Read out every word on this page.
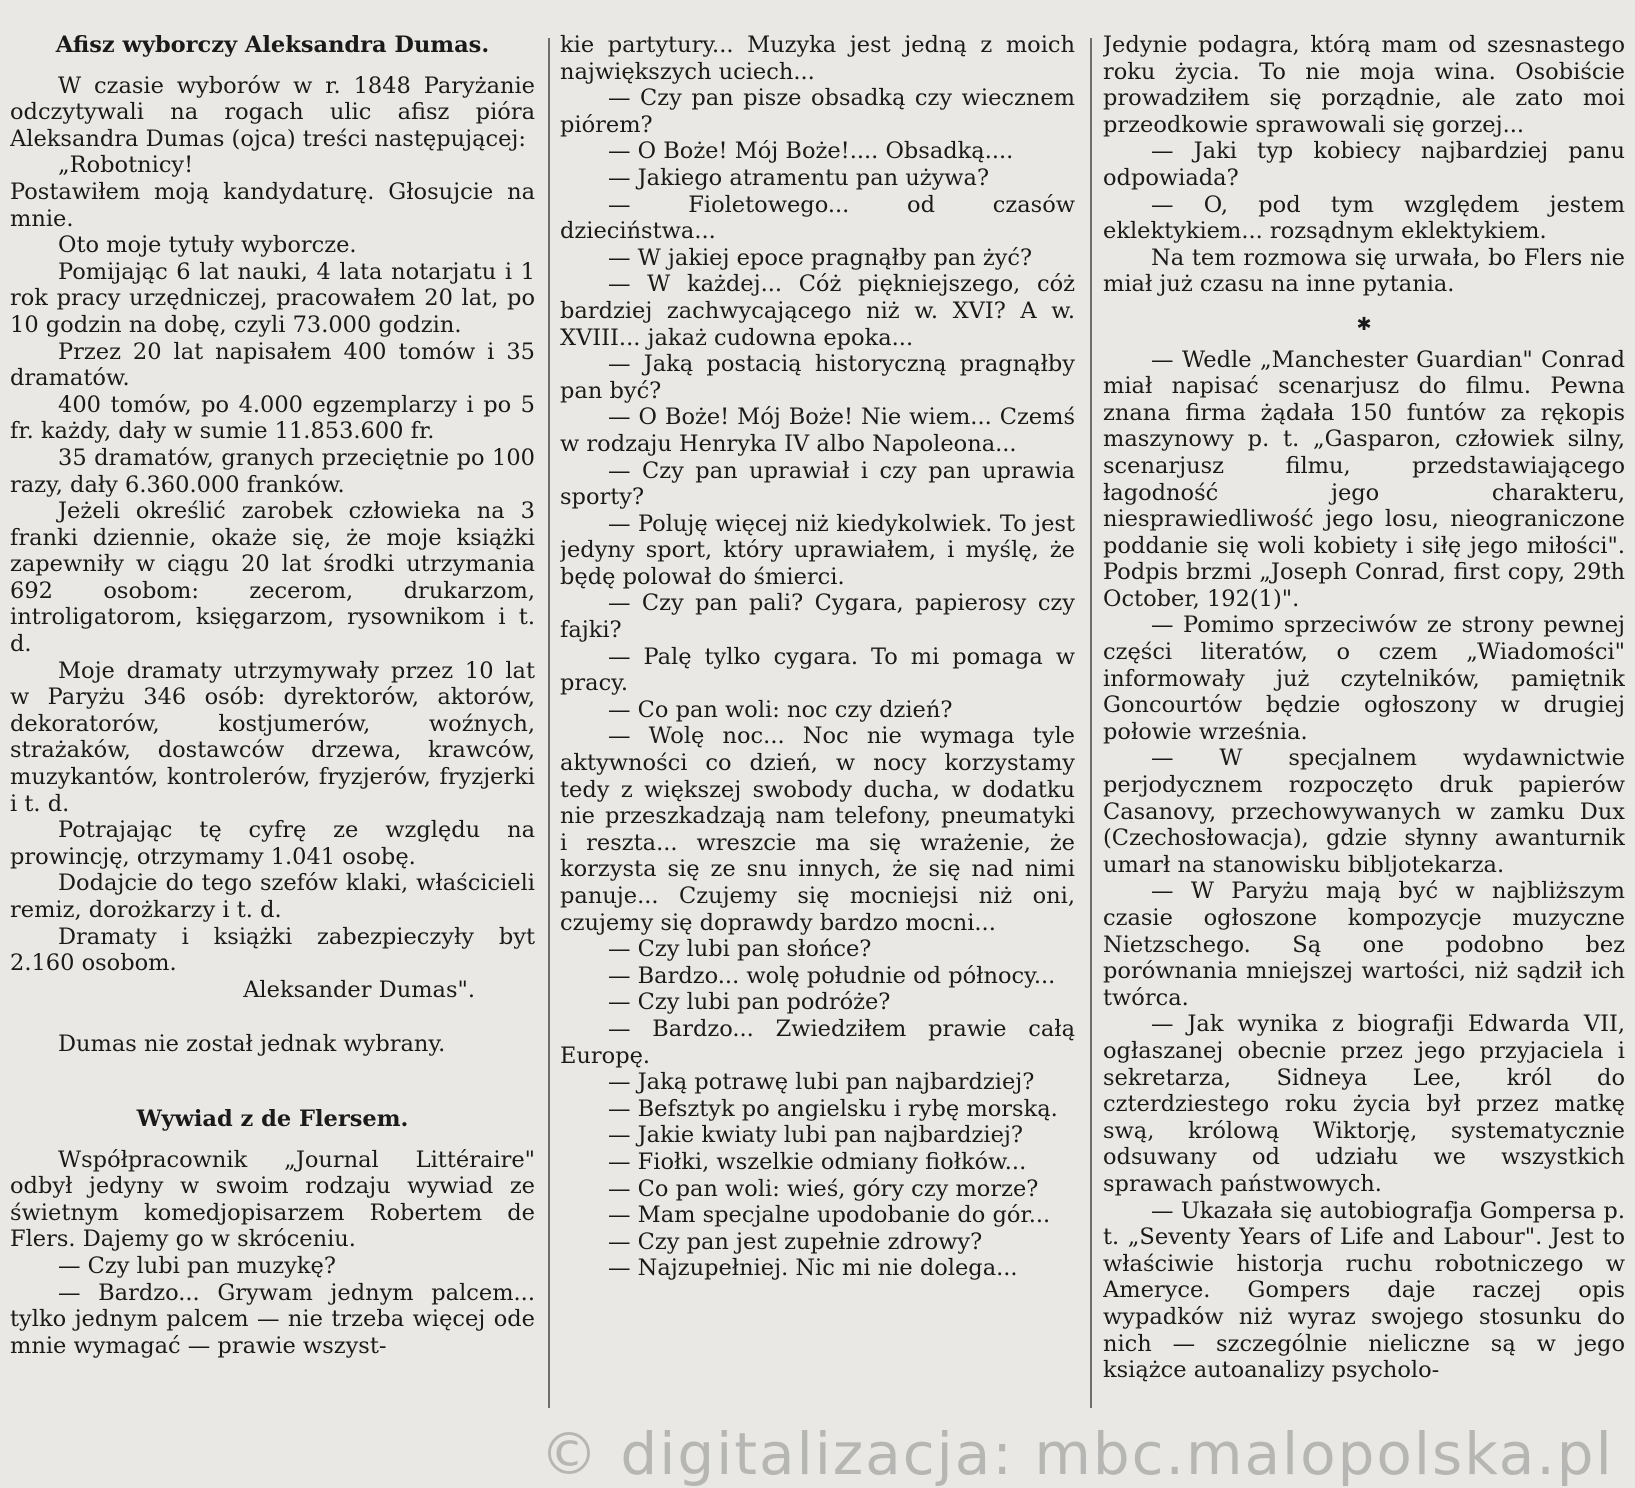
Afisz wyborczy Aleksandra Dumas.

W czasie wyborów w r. 1848 Paryżanie odczytywali na rogach ulic afisz pióra Aleksandra Dumas (ojca) treści następującej:

„Robotnicy!

Postawiłem moją kandydaturę. Głosujcie na mnie.

Oto moje tytuły wyborcze.

Pomijając 6 lat nauki, 4 lata notarjatu i 1 rok pracy urzędniczej, pracowałem 20 lat, po 10 godzin na dobę, czyli 73.000 godzin.

Przez 20 lat napisałem 400 tomów i 35 dramatów.

400 tomów, po 4.000 egzemplarzy i po 5 fr. każdy, dały w sumie 11.853.600 fr.

35 dramatów, granych przeciętnie po 100 razy, dały 6.360.000 franków.

Jeżeli określić zarobek człowieka na 3 franki dziennie, okaże się, że moje książki zapewniły w ciągu 20 lat środki utrzymania 692 osobom: zecerom, drukarzom, introligatorom, księgarzom, rysownikom i t. d.

Moje dramaty utrzymywały przez 10 lat w Paryżu 346 osób: dyrektorów, aktorów, dekoratorów, kostjumerów, woźnych, strażaków, dostawców drzewa, krawców, muzykantów, kontrolerów, fryzjerów, fryzjerki i t. d.

Potrajając tę cyfrę ze względu na prowincję, otrzymamy 1.041 osobę.

Dodajcie do tego szefów klaki, właścicieli remiz, dorożkarzy i t. d.

Dramaty i książki zabezpieczyły byt 2.160 osobom.

Aleksander Dumas".

Dumas nie został jednak wybrany.

Wywiad z de Flersem.

Współpracownik „Journal Littéraire" odbył jedyny w swoim rodzaju wywiad ze świetnym komedjopisarzem Robertem de Flers. Dajemy go w skróceniu.

— Czy lubi pan muzykę?

— Bardzo... Grywam jednym palcem... tylko jednym palcem — nie trzeba więcej ode mnie wymagać — prawie wszyst-

kie partytury... Muzyka jest jedną z moich największych uciech...

— Czy pan pisze obsadką czy wiecznem piórem?

— O Boże! Mój Boże!.... Obsadką....

— Jakiego atramentu pan używa?

— Fioletowego... od czasów dzieciństwa...

— W jakiej epoce pragnąłby pan żyć?

— W każdej... Cóż piękniejszego, cóż bardziej zachwycającego niż w. XVI? A w. XVIII... jakaż cudowna epoka...

— Jaką postacią historyczną pragnąłby pan być?

— O Boże! Mój Boże! Nie wiem... Czemś w rodzaju Henryka IV albo Napoleona...

— Czy pan uprawiał i czy pan uprawia sporty?

— Poluję więcej niż kiedykolwiek. To jest jedyny sport, który uprawiałem, i myślę, że będę polował do śmierci.

— Czy pan pali? Cygara, papierosy czy fajki?

— Palę tylko cygara. To mi pomaga w pracy.

— Co pan woli: noc czy dzień?

— Wolę noc... Noc nie wymaga tyle aktywności co dzień, w nocy korzystamy tedy z większej swobody ducha, w dodatku nie przeszkadzają nam telefony, pneumatyki i reszta... wreszcie ma się wrażenie, że korzysta się ze snu innych, że się nad nimi panuje... Czujemy się mocniejsi niż oni, czujemy się doprawdy bardzo mocni...

— Czy lubi pan słońce?

— Bardzo... wolę południe od północy...

— Czy lubi pan podróże?

— Bardzo... Zwiedziłem prawie całą Europę.

— Jaką potrawę lubi pan najbardziej?

— Befsztyk po angielsku i rybę morską.

— Jakie kwiaty lubi pan najbardziej?

— Fiołki, wszelkie odmiany fiołków...

— Co pan woli: wieś, góry czy morze?

— Mam specjalne upodobanie do gór...

— Czy pan jest zupełnie zdrowy?

— Najzupełniej. Nic mi nie dolega...

Jedynie podagra, którą mam od szesnastego roku życia. To nie moja wina. Osobiście prowadziłem się porządnie, ale zato moi przeodkowie sprawowali się gorzej...

— Jaki typ kobiecy najbardziej panu odpowiada?

— O, pod tym względem jestem eklektykiem... rozsądnym eklektykiem.

Na tem rozmowa się urwała, bo Flers nie miał już czasu na inne pytania.

✱

— Wedle „Manchester Guardian" Conrad miał napisać scenarjusz do filmu. Pewna znana firma żądała 150 funtów za rękopis maszynowy p. t. „Gasparon, człowiek silny, scenarjusz filmu, przedstawiającego łagodność jego charakteru, niesprawiedliwość jego losu, nieograniczone poddanie się woli kobiety i siłę jego miłości". Podpis brzmi „Joseph Conrad, first copy, 29th October, 192(1)".

— Pomimo sprzeciwów ze strony pewnej części literatów, o czem „Wiadomości" informowały już czytelników, pamiętnik Goncourtów będzie ogłoszony w drugiej połowie września.

— W specjalnem wydawnictwie perjodycznem rozpoczęto druk papierów Casanovy, przechowywanych w zamku Dux (Czechosłowacja), gdzie słynny awanturnik umarł na stanowisku bibljotekarza.

— W Paryżu mają być w najbliższym czasie ogłoszone kompozycje muzyczne Nietzschego. Są one podobno bez porównania mniejszej wartości, niż sądził ich twórca.

— Jak wynika z biografji Edwarda VII, ogłaszanej obecnie przez jego przyjaciela i sekretarza, Sidneya Lee, król do czterdziestego roku życia był przez matkę swą, królową Wiktorję, systematycznie odsuwany od udziału we wszystkich sprawach państwowych.

— Ukazała się autobiografja Gompersa p. t. „Seventy Years of Life and Labour". Jest to właściwie historja ruchu robotniczego w Ameryce. Gompers daje raczej opis wypadków niż wyraz swojego stosunku do nich — szczególnie nieliczne są w jego książce autoanalizy psycholo-

© digitalizacja: mbc.malopolska.pl
